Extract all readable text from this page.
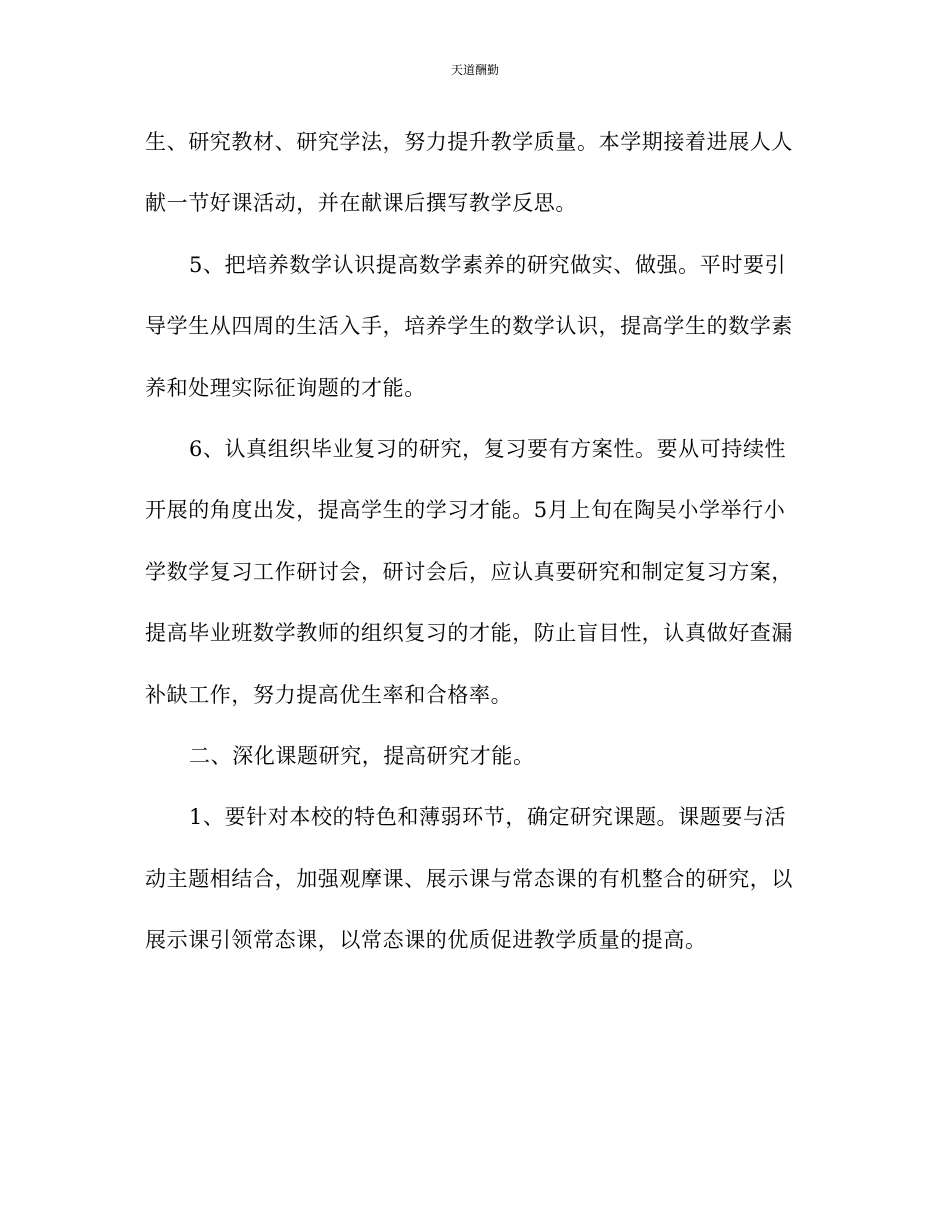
天道酬勤
生、研究教材、研究学法，努力提升教学质量。本学期接着进展人人
献一节好课活动，并在献课后撰写教学反思。
5、把培养数学认识提高数学素养的研究做实、做强。平时要引
导学生从四周的生活入手，培养学生的数学认识，提高学生的数学素
养和处理实际征询题的才能。
6、认真组织毕业复习的研究，复习要有方案性。要从可持续性
开展的角度出发，提高学生的学习才能。5月上旬在陶吴小学举行小
学数学复习工作研讨会，研讨会后，应认真要研究和制定复习方案，
提高毕业班数学教师的组织复习的才能，防止盲目性，认真做好查漏
补缺工作，努力提高优生率和合格率。
二、深化课题研究，提高研究才能。
1、要针对本校的特色和薄弱环节，确定研究课题。课题要与活
动主题相结合，加强观摩课、展示课与常态课的有机整合的研究，以
展示课引领常态课，以常态课的优质促进教学质量的提高。
